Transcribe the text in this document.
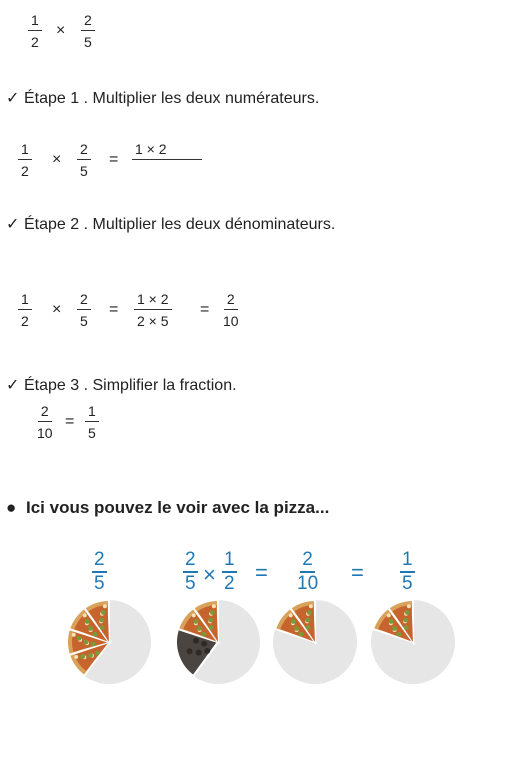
$\frac{1}{2} \times \frac{2}{5}$
✓ Étape 1 . Multiplier les deux numérateurs.
$\frac{1}{2} \times \frac{2}{5}$ =
1 × 2
✓ Étape 2 . Multiplier les deux dénominateurs.
$\frac{1}{2} \times \frac{2}{5} = \frac{1 \times 2}{2 \times 5} = \frac{2}{10}$
✓ Étape 3 . Simplifier la fraction.
$\frac{2}{10} = \frac{1}{5}$
● Ici vous pouvez le voir avec la pizza...
$\frac{2}{5}$	$\frac{2}{5} \times \frac{1}{2} = \frac{2}{10} = \frac{1}{5}$
